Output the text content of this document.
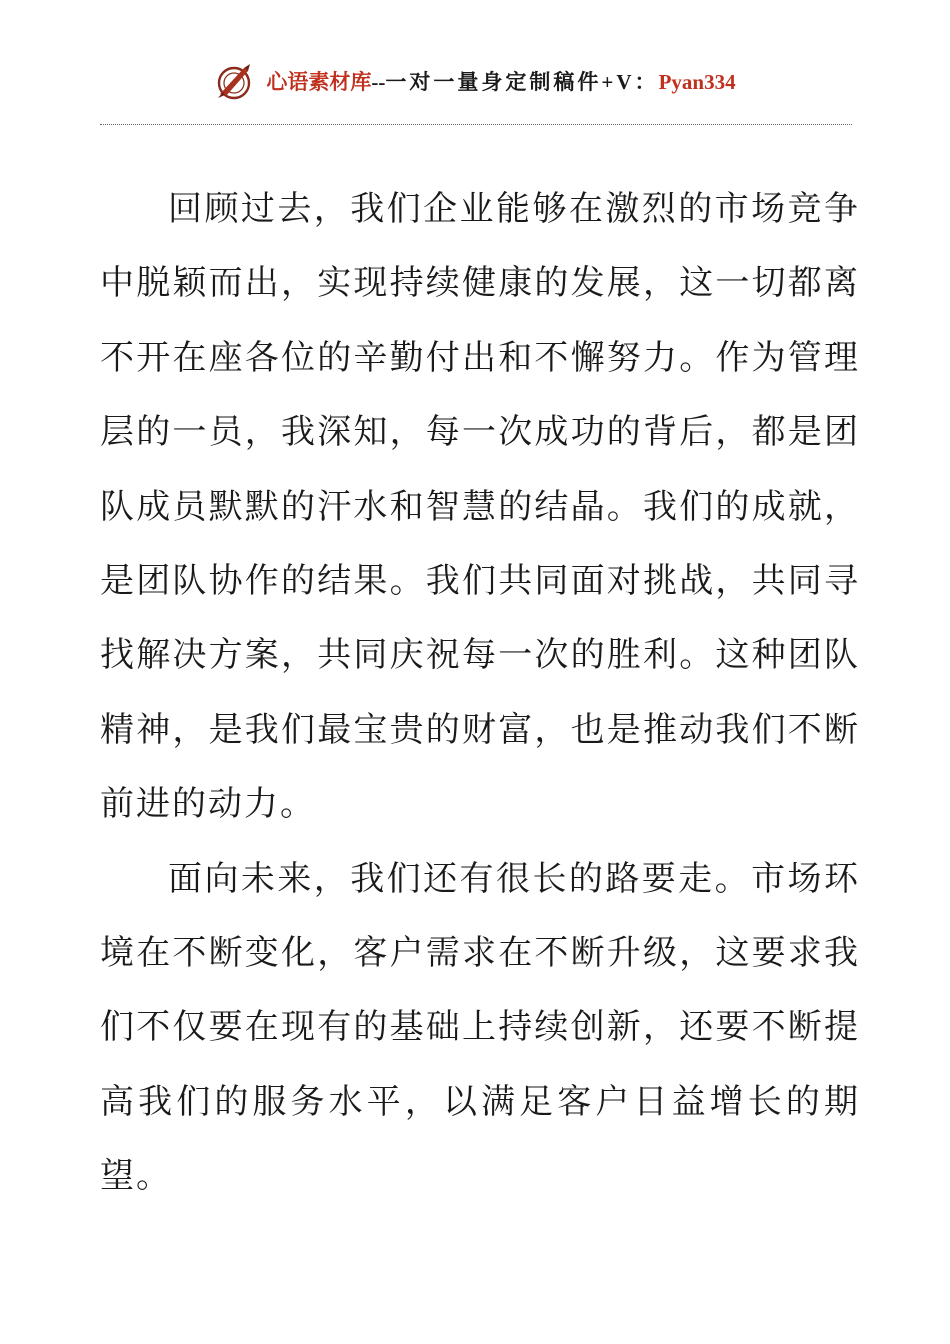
心语素材库--一对一量身定制稿件+V：Pyan334

回顾过去，我们企业能够在激烈的市场竞争中脱颖而出，实现持续健康的发展，这一切都离不开在座各位的辛勤付出和不懈努力。作为管理层的一员，我深知，每一次成功的背后，都是团队成员默默的汗水和智慧的结晶。我们的成就，是团队协作的结果。我们共同面对挑战，共同寻找解决方案，共同庆祝每一次的胜利。这种团队精神，是我们最宝贵的财富，也是推动我们不断前进的动力。

面向未来，我们还有很长的路要走。市场环境在不断变化，客户需求在不断升级，这要求我们不仅要在现有的基础上持续创新，还要不断提高我们的服务水平，以满足客户日益增长的期望。
